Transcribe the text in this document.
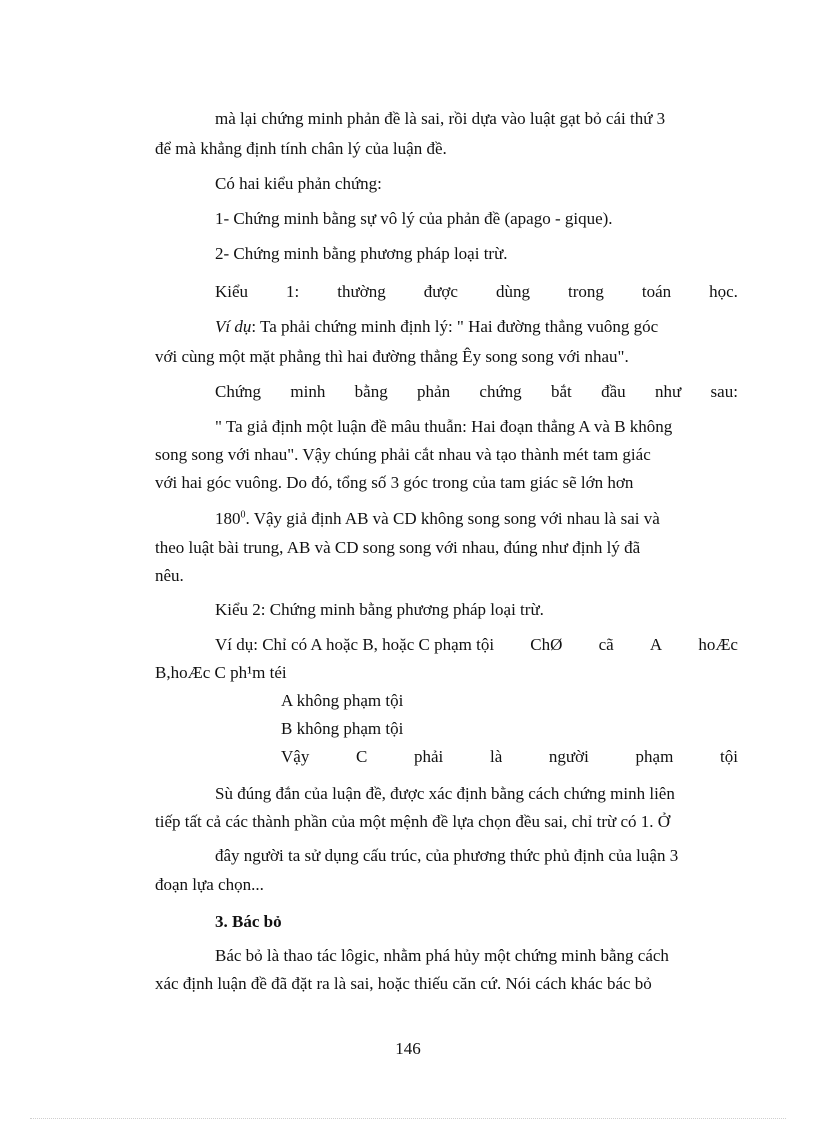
mà lại chứng minh phản đề là sai, rồi dựa vào luật gạt bỏ cái thứ 3
để mà khẳng định tính chân lý của luận đề.
Có hai kiểu phản chứng:
1- Chứng minh bằng sự vô lý của phản đề (apago - gique).
2- Chứng minh bằng phương pháp loại trừ.
Kiểu 1: thường được dùng trong toán học.
Ví dụ: Ta phải chứng minh định lý: " Hai đường thẳng vuông góc
với cùng một mặt phẳng thì hai đường thẳng Êy song song với nhau".
Chứng minh bằng phản chứng bắt đầu như sau:
" Ta giả định một luận đề mâu thuẫn: Hai đoạn thẳng A và B không
song song với nhau". Vậy chúng phải cắt nhau và tạo thành mét tam giác
với hai góc vuông. Do đó, tổng số 3 góc trong của tam giác sẽ lớn hơn
$180^0$. Vậy giả định AB và CD không song song với nhau là sai và
theo luật bài trung, AB và CD song song với nhau, đúng như định lý đã
nêu.
Kiểu 2: Chứng minh bằng phương pháp loại trừ.
Ví dụ: Chỉ có A hoặc B, hoặc C phạm tội ChØ cã A hoÆc
B,hoÆc C ph¹m téi
A không phạm tội
B không phạm tội
Vậy	C	phải	là	người	phạm	tội
Sù đúng đắn của luận đề, được xác định bằng cách chứng minh liên
tiếp tất cả các thành phần của một mệnh đề lựa chọn đều sai, chỉ trừ có 1. Ở
đây người ta sử dụng cấu trúc, của phương thức phủ định của luận 3
đoạn lựa chọn...
3. Bác bỏ
Bác bỏ là thao tác lôgic, nhằm phá hủy một chứng minh bằng cách
xác định luận đề đã đặt ra là sai, hoặc thiếu căn cứ. Nói cách khác bác bỏ
146
